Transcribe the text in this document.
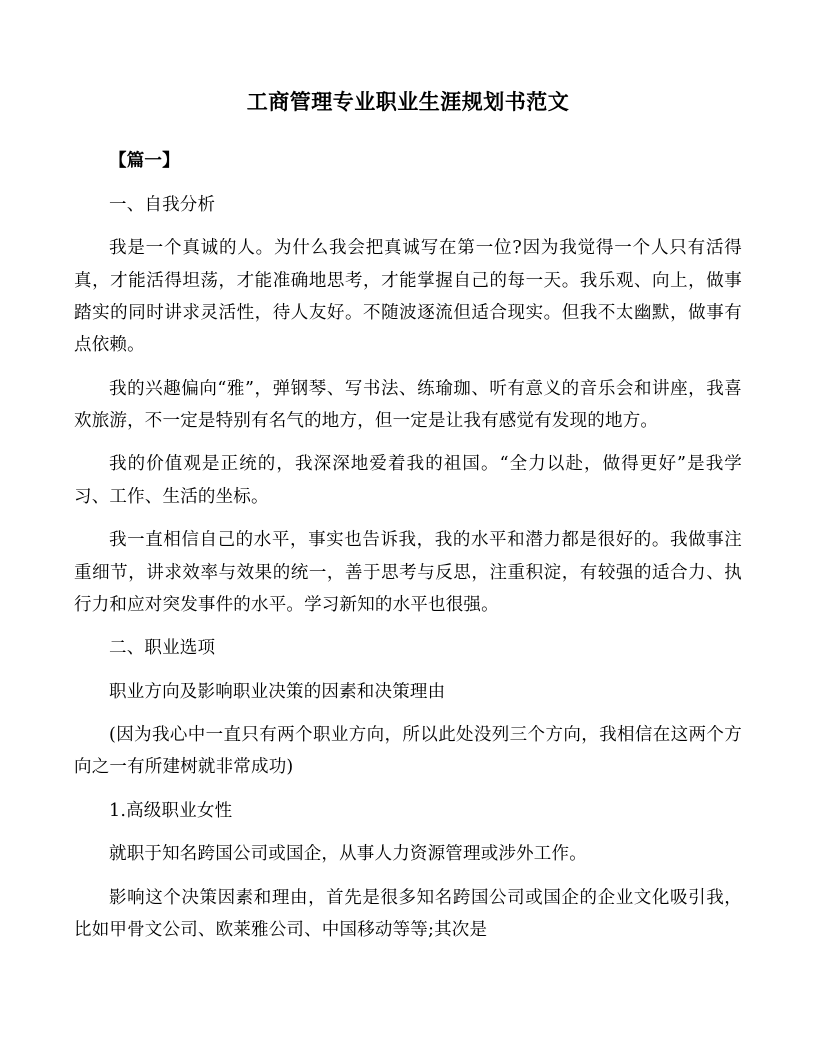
工商管理专业职业生涯规划书范文

【篇一】

一、自我分析

我是一个真诚的人。为什么我会把真诚写在第一位?因为我觉得一个人只有活得真，才能活得坦荡，才能准确地思考，才能掌握自己的每一天。我乐观、向上，做事踏实的同时讲求灵活性，待人友好。不随波逐流但适合现实。但我不太幽默，做事有点依赖。

我的兴趣偏向“雅”，弹钢琴、写书法、练瑜珈、听有意义的音乐会和讲座，我喜欢旅游，不一定是特别有名气的地方，但一定是让我有感觉有发现的地方。

我的价值观是正统的，我深深地爱着我的祖国。“全力以赴，做得更好”是我学习、工作、生活的坐标。

我一直相信自己的水平，事实也告诉我，我的水平和潜力都是很好的。我做事注重细节，讲求效率与效果的统一，善于思考与反思，注重积淀，有较强的适合力、执行力和应对突发事件的水平。学习新知的水平也很强。

二、职业选项

职业方向及影响职业决策的因素和决策理由

(因为我心中一直只有两个职业方向，所以此处没列三个方向，我相信在这两个方向之一有所建树就非常成功)

1.高级职业女性

就职于知名跨国公司或国企，从事人力资源管理或涉外工作。

影响这个决策因素和理由，首先是很多知名跨国公司或国企的企业文化吸引我，比如甲骨文公司、欧莱雅公司、中国移动等等;其次是
